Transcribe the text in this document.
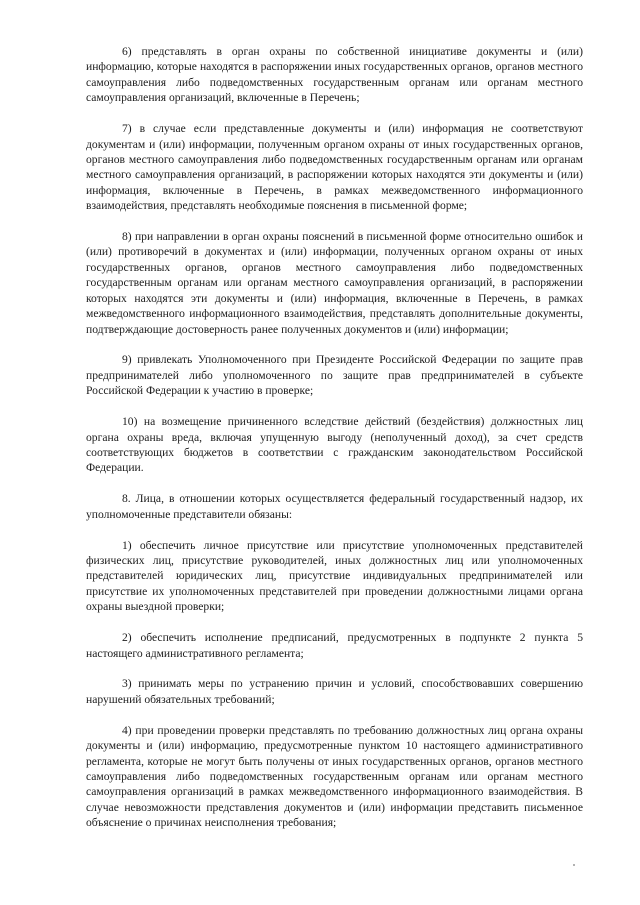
6) представлять в орган охраны по собственной инициативе документы и (или) информацию, которые находятся в распоряжении иных государственных органов, органов местного самоуправления либо подведомственных государственным органам или органам местного самоуправления организаций, включенные в Перечень;

7) в случае если представленные документы и (или) информация не соответствуют документам и (или) информации, полученным органом охраны от иных государственных органов, органов местного самоуправления либо подведомственных государственным органам или органам местного самоуправления организаций, в распоряжении которых находятся эти документы и (или) информация, включенные в Перечень, в рамках межведомственного информационного взаимодействия, представлять необходимые пояснения в письменной форме;

8) при направлении в орган охраны пояснений в письменной форме относительно ошибок и (или) противоречий в документах и (или) информации, полученных органом охраны от иных государственных органов, органов местного самоуправления либо подведомственных государственным органам или органам местного самоуправления организаций, в распоряжении которых находятся эти документы и (или) информация, включенные в Перечень, в рамках межведомственного информационного взаимодействия, представлять дополнительные документы, подтверждающие достоверность ранее полученных документов и (или) информации;

9) привлекать Уполномоченного при Президенте Российской Федерации по защите прав предпринимателей либо уполномоченного по защите прав предпринимателей в субъекте Российской Федерации к участию в проверке;

10) на возмещение причиненного вследствие действий (бездействия) должностных лиц органа охраны вреда, включая упущенную выгоду (неполученный доход), за счет средств соответствующих бюджетов в соответствии с гражданским законодательством Российской Федерации.

8. Лица, в отношении которых осуществляется федеральный государственный надзор, их уполномоченные представители обязаны:

1) обеспечить личное присутствие или присутствие уполномоченных представителей физических лиц, присутствие руководителей, иных должностных лиц или уполномоченных представителей юридических лиц, присутствие индивидуальных предпринимателей или присутствие их уполномоченных представителей при проведении должностными лицами органа охраны выездной проверки;

2) обеспечить исполнение предписаний, предусмотренных в подпункте 2 пункта 5 настоящего административного регламента;

3) принимать меры по устранению причин и условий, способствовавших совершению нарушений обязательных требований;

4) при проведении проверки представлять по требованию должностных лиц органа охраны документы и (или) информацию, предусмотренные пунктом 10 настоящего административного регламента, которые не могут быть получены от иных государственных органов, органов местного самоуправления либо подведомственных государственным органам или органам местного самоуправления организаций в рамках межведомственного информационного взаимодействия. В случае невозможности представления документов и (или) информации представить письменное объяснение о причинах неисполнения требования;
